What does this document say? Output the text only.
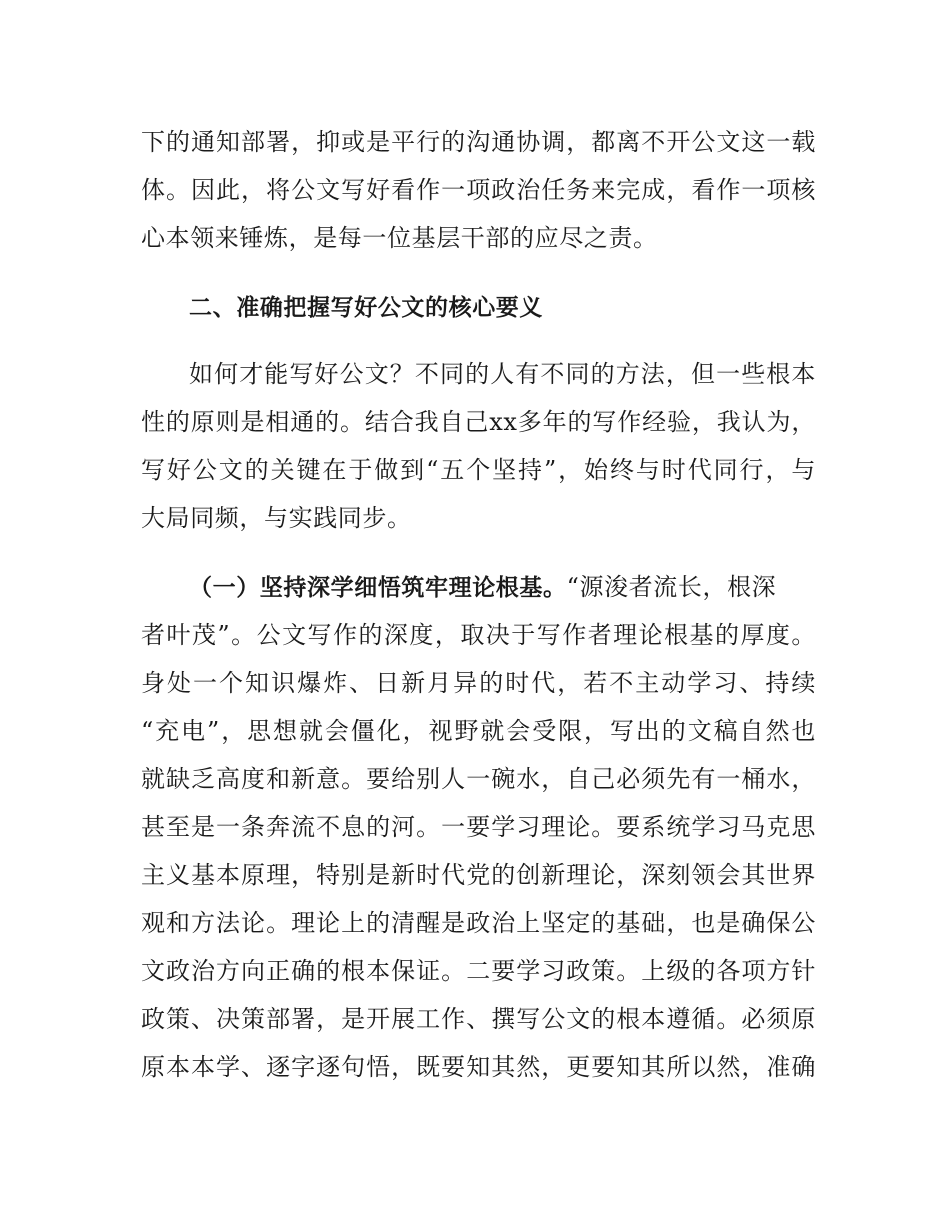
下的通知部署，抑或是平行的沟通协调，都离不开公文这一载
体。因此，将公文写好看作一项政治任务来完成，看作一项核
心本领来锤炼，是每一位基层干部的应尽之责。
二、准确把握写好公文的核心要义
如何才能写好公文？不同的人有不同的方法，但一些根本
性的原则是相通的。结合我自己xx多年的写作经验，我认为，
写好公文的关键在于做到“五个坚持”，始终与时代同行，与
大局同频，与实践同步。
（一）坚持深学细悟筑牢理论根基。“源浚者流长，根深
者叶茂”。公文写作的深度，取决于写作者理论根基的厚度。
身处一个知识爆炸、日新月异的时代，若不主动学习、持续
“充电”，思想就会僵化，视野就会受限，写出的文稿自然也
就缺乏高度和新意。要给别人一碗水，自己必须先有一桶水，
甚至是一条奔流不息的河。一要学习理论。要系统学习马克思
主义基本原理，特别是新时代党的创新理论，深刻领会其世界
观和方法论。理论上的清醒是政治上坚定的基础，也是确保公
文政治方向正确的根本保证。二要学习政策。上级的各项方针
政策、决策部署，是开展工作、撰写公文的根本遵循。必须原
原本本学、逐字逐句悟，既要知其然，更要知其所以然，准确
